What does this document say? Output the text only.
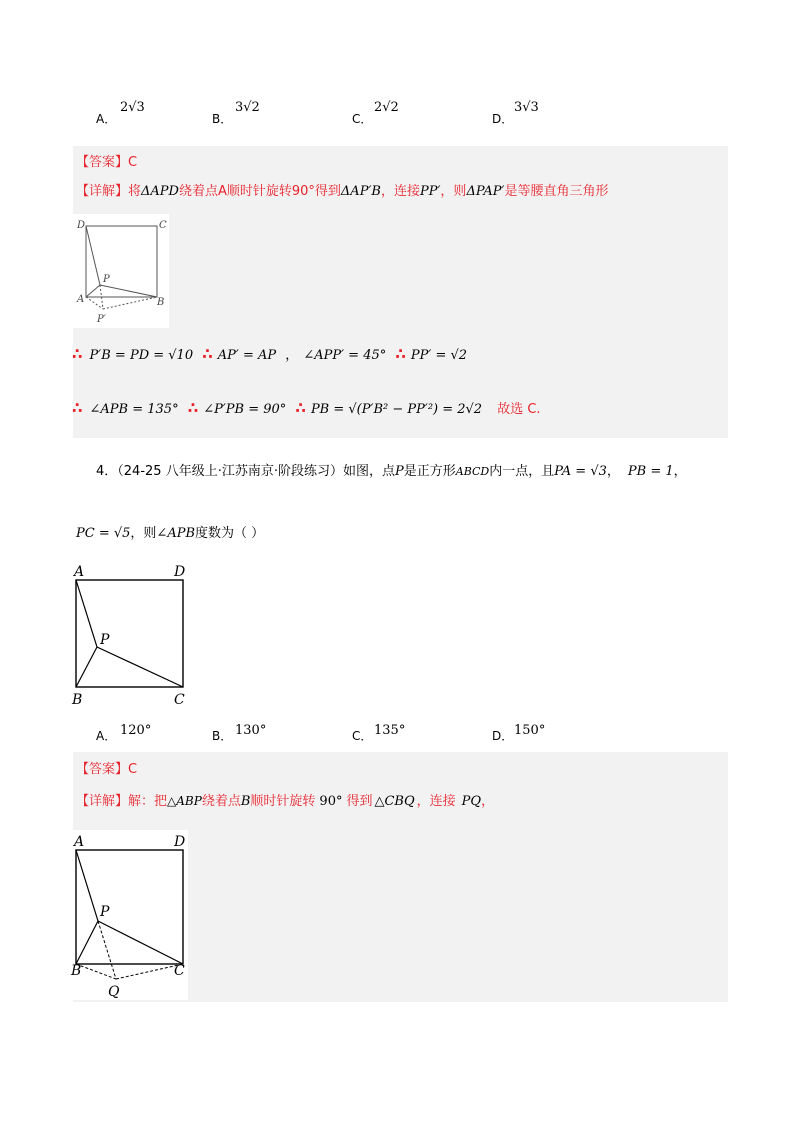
A．
2√3
B．
3√2
C．
2√2
D．
3√3
【答案】C
【详解】将ΔAPD绕着点A顺时针旋转90°得到ΔAP′B，连接PP′，则ΔPAP′是等腰直角三角形
D	C
P
A	B
P′
∴ P′B = PD = √10 ∴ AP′ = AP ， ∠APP′ = 45° ∴ PP′ = √2
∴ ∠APB = 135° ∴ ∠P′PB = 90° ∴ PB = √(P′B² − PP′²) = 2√2 故选 C.
4．（24-25 八年级上·江苏南京·阶段练习）如图，点P是正方形ABCD内一点，且PA = √3， PB = 1，
PC = √5，则∠APB度数为（ ）
A	D
P
B	C
A． 120°	B． 130°	C． 135°	D． 150°
【答案】C
【详解】解：把△ABP绕着点B顺时针旋转 90° 得到 △CBQ ，连接 PQ，
A	D
P
B	C
Q
